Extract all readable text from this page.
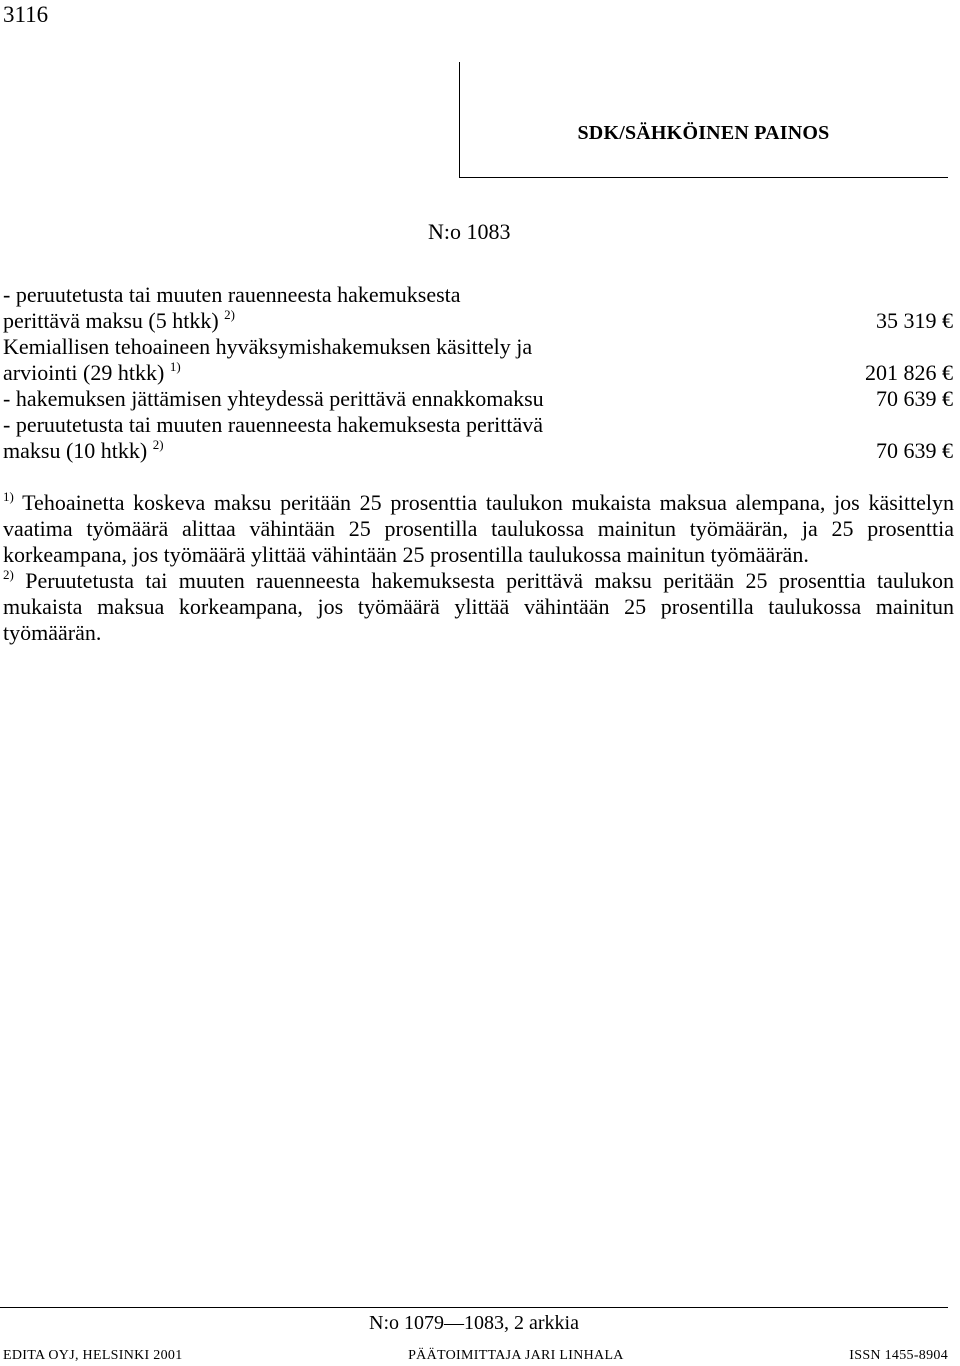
3116
SDK/SÄHKÖINEN PAINOS
N:o 1083
- peruutetusta tai muuten rauenneesta hakemuksesta
perittävä maksu (5 htkk) $^{2)}$	35 319 €
Kemiallisen tehoaineen hyväksymishakemuksen käsittely ja
arviointi (29 htkk) $^{1)}$	201 826 €
- hakemuksen jättämisen yhteydessä perittävä ennakkomaksu	70 639 €
- peruutetusta tai muuten rauenneesta hakemuksesta perittävä
maksu (10 htkk) $^{2)}$	70 639 €

$^{1)}$ Tehoainetta koskeva maksu peritään 25 prosenttia taulukon mukaista maksua alempana, jos käsittelyn vaatima työmäärä alittaa vähintään 25 prosentilla taulukossa mainitun työmäärän, ja 25 prosenttia korkeampana, jos työmäärä ylittää vähintään 25 prosentilla taulukossa mainitun työmäärän.

$^{2)}$ Peruutetusta tai muuten rauenneesta hakemuksesta perittävä maksu peritään 25 prosenttia taulukon mukaista maksua korkeampana, jos työmäärä ylittää vähintään 25 prosentilla taulukossa mainitun työmäärän.

N:o 1079—1083, 2 arkkia
EDITA OYJ, HELSINKI 2001	PÄÄTOIMITTAJA JARI LINHALA	ISSN 1455-8904
